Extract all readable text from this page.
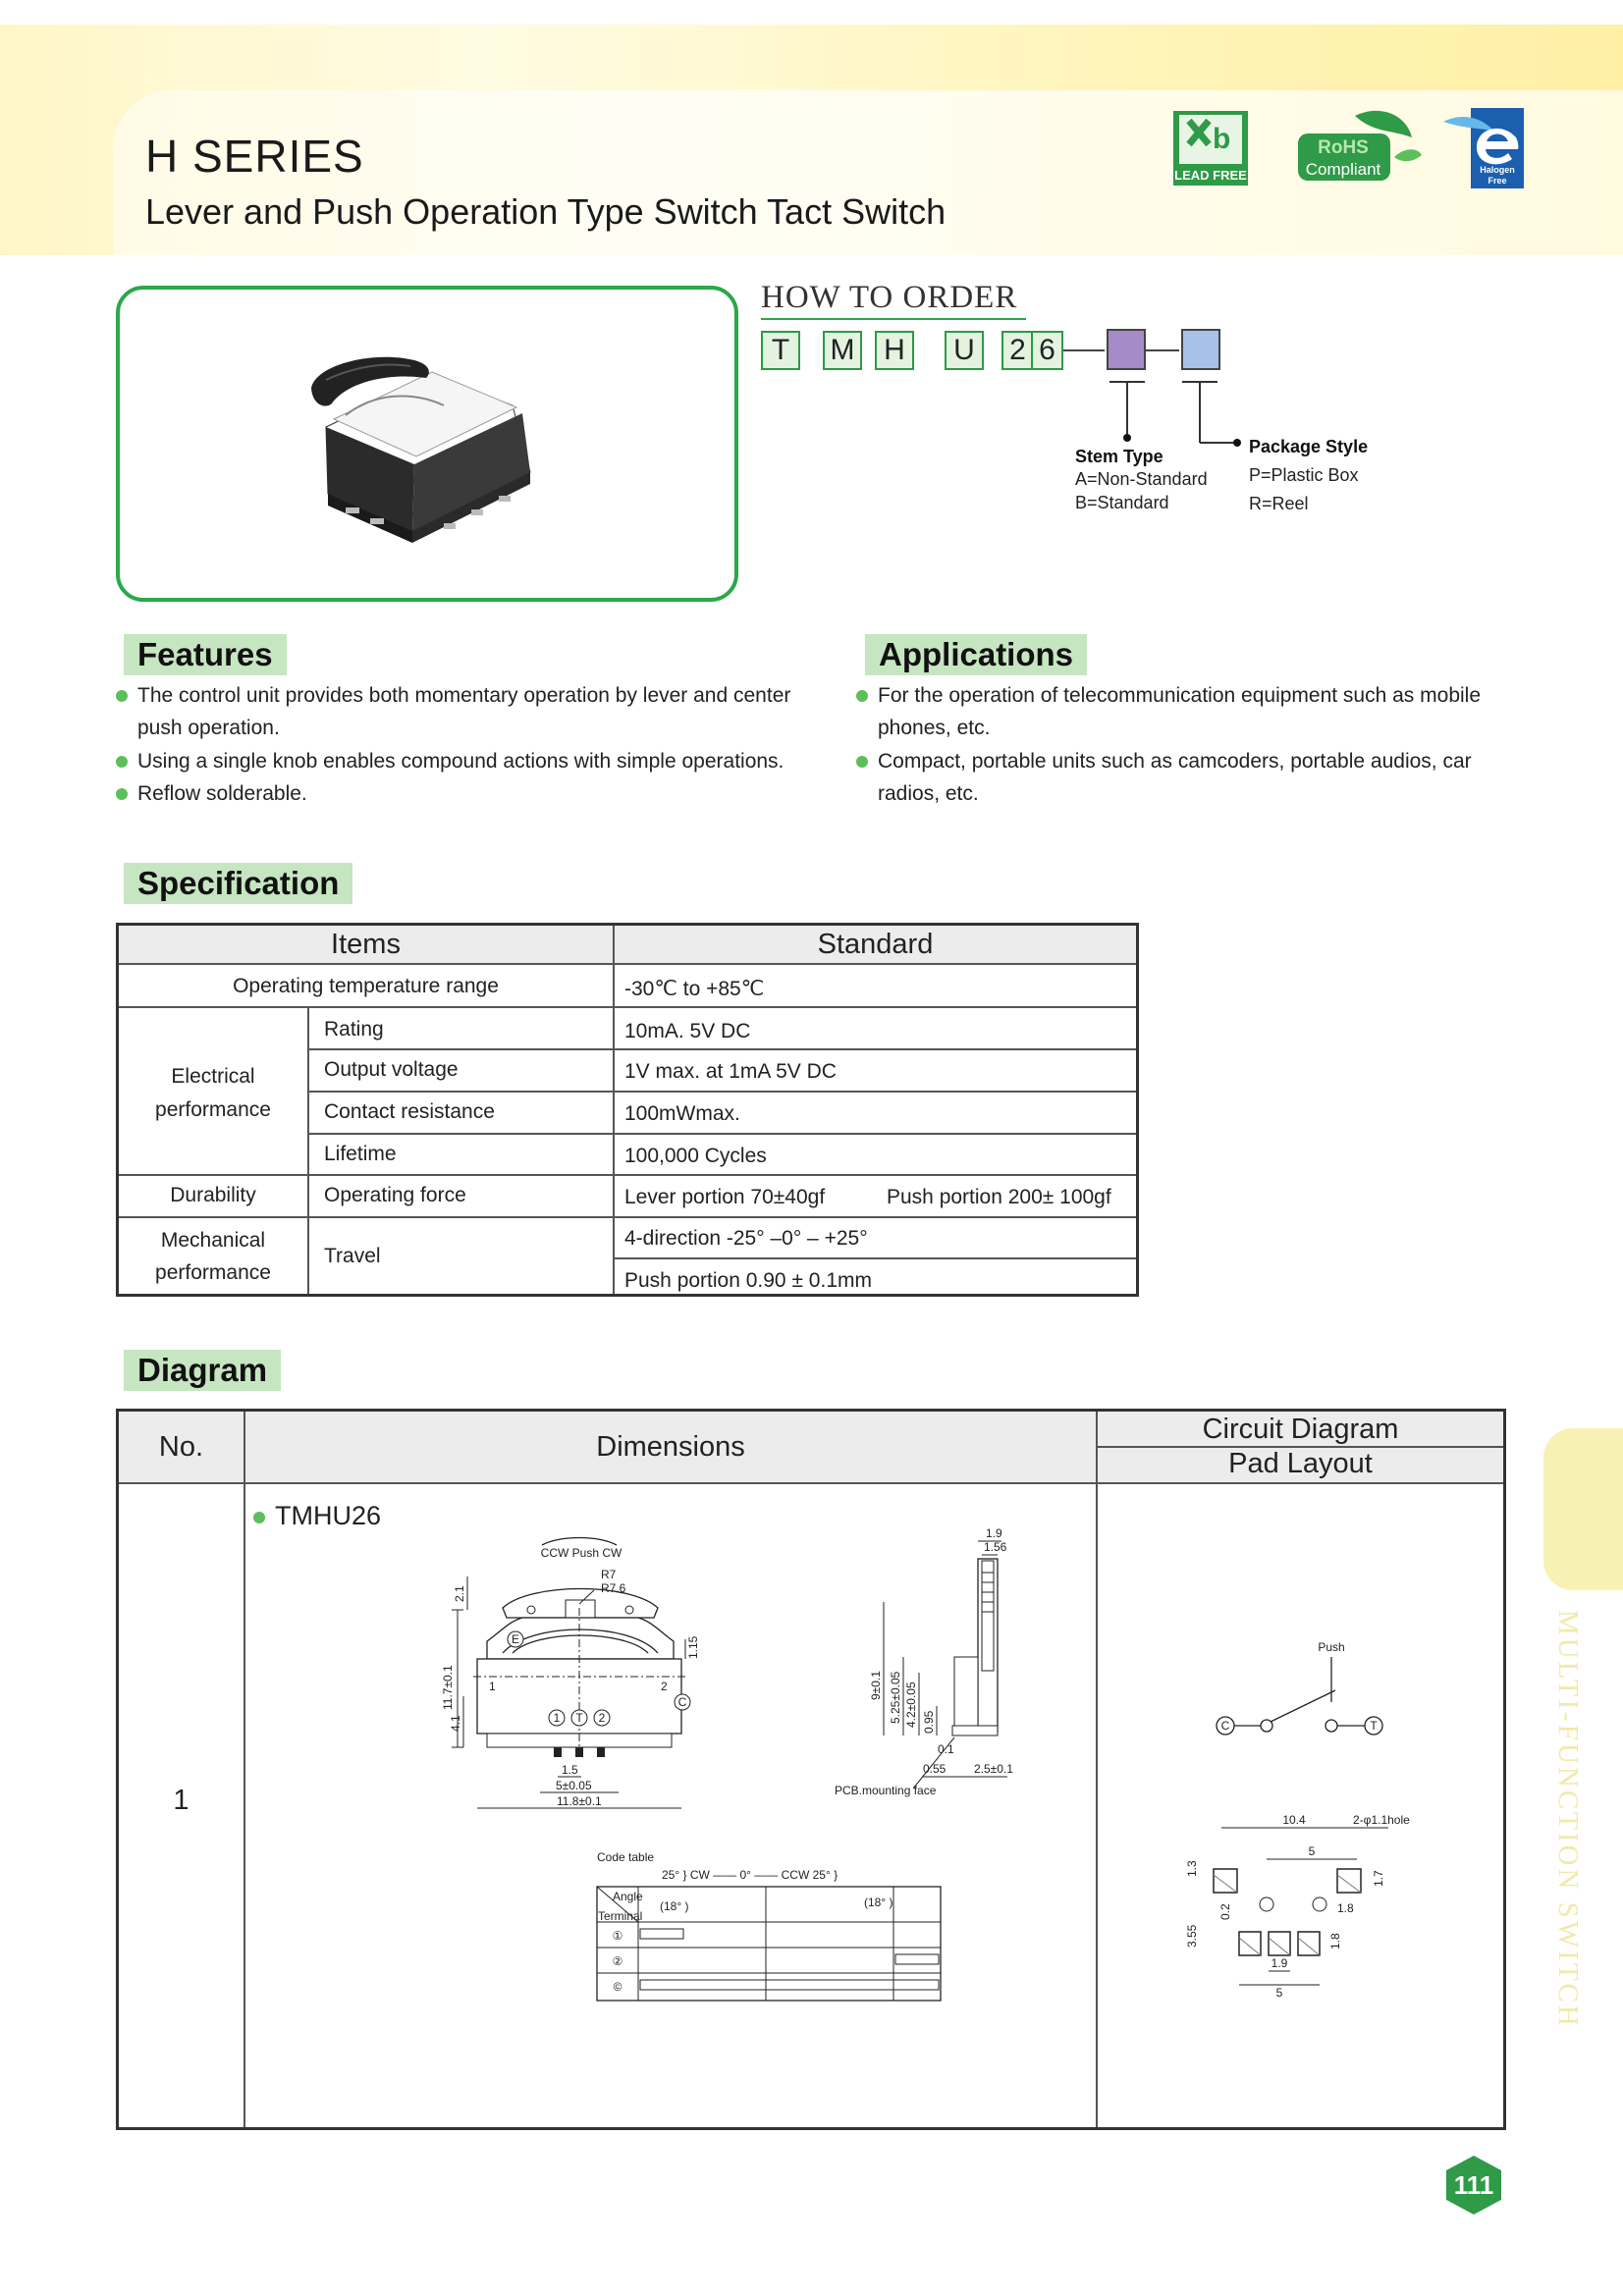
H SERIES
Lever and Push Operation Type Switch Tact Switch
b
LEAD FREE
RoHS
Compliant	Halogen
Free
HOW TO ORDER
T	M H	U	2 6
Stem Type
A=Non-Standard
B=Standard
Package Style
P=Plastic Box
R=Reel
Features
The control unit provides both momentary operation by lever and center
push operation.
Using a single knob enables compound actions with simple operations.
Reflow solderable.
Applications
For the operation of telecommunication equipment such as mobile
phones, etc.
Compact, portable units such as camcoders, portable audios, car
radios, etc.
Specification
Items	Standard
Operating temperature range	-30℃ to +85℃
Electrical
performance
Rating	10mA. 5V DC
Output voltage	1V max. at 1mA 5V DC
Contact resistance	100mWmax.
Lifetime	100,000 Cycles
Durability	Operating force	Lever portion 70±40gf	Push portion 200± 100gf
Mechanical
performance
Travel
4-direction -25° –0° – +25°
Push portion 0.90 ± 0.1mm
Diagram
No.	Dimensions
Circuit Diagram
Pad Layout
1
TMHU26
CCW Push CW
R7
R7.6
E
C
1 T 2
1	2
11.7±0.1
2.1
4.1
1.15
1.5
5±0.05
11.8±0.1
1.9
1.56
9±0.1 5.25±0.05 4.2±0.05 0.95
0.1
0.55 2.5±0.1
PCB.mounting face
Code table
25° } CW —— 0° —— CCW 25° }
Angle
Terminal
(18° )	(18° )
①
②
©
Push
C	T
10.4	2-φ1.1hole
5
1.3
1.7
1.8
3.55
0.2
1.8
1.9
5	MULTI-FUNCTION SWITCH
111
